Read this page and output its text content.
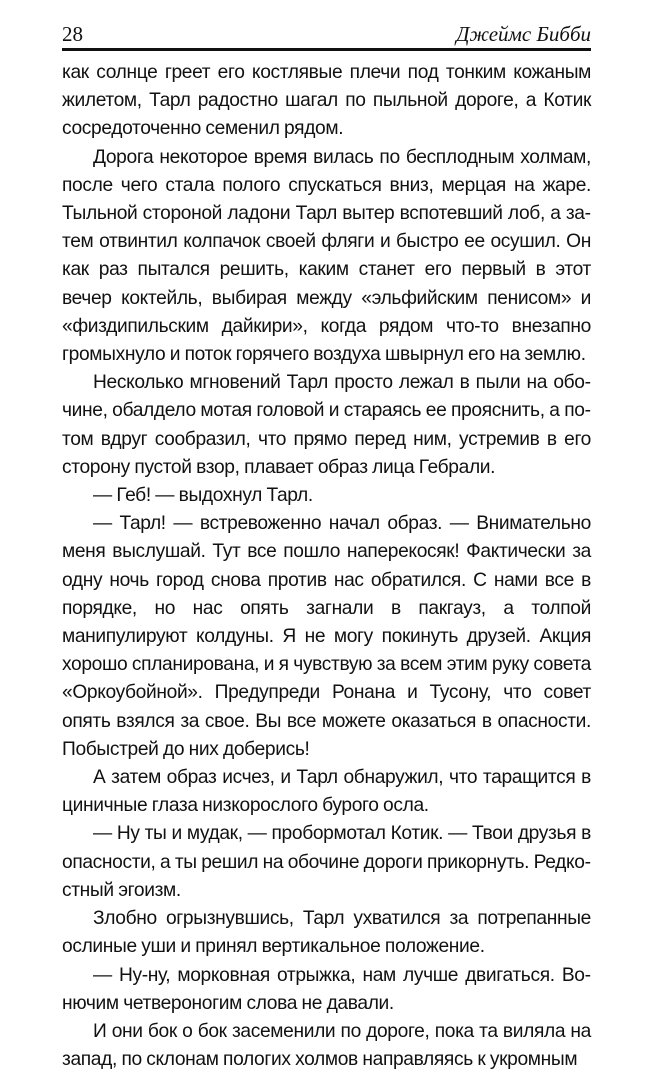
28	Джеймс Бибби

как солнце греет его костлявые плечи под тонким кожаным жилетом, Тарл радостно шагал по пыльной дороге, а Котик сосредоточенно семенил рядом.

Дорога некоторое время вилась по бесплодным холмам, после чего стала полого спускаться вниз, мерцая на жаре. Тыльной стороной ладони Тарл вытер вспотевший лоб, а затем отвинтил колпачок своей фляги и быстро ее осушил. Он как раз пытался решить, каким станет его первый в этот вечер коктейль, выбирая между «эльфийским пенисом» и «физдипильским дайкири», когда рядом что-то внезапно громыхнуло и поток горячего воздуха швырнул его на землю.

Несколько мгновений Тарл просто лежал в пыли на обочине, обалдело мотая головой и стараясь ее прояснить, а потом вдруг сообразил, что прямо перед ним, устремив в его сторону пустой взор, плавает образ лица Гебрали.

— Геб! — выдохнул Тарл.

— Тарл! — встревоженно начал образ. — Внимательно меня выслушай. Тут все пошло наперекосяк! Фактически за одну ночь город снова против нас обратился. С нами все в порядке, но нас опять загнали в пакгауз, а толпой манипулируют колдуны. Я не могу покинуть друзей. Акция хорошо спланирована, и я чувствую за всем этим руку совета «Оркоубойной». Предупреди Ронана и Тусону, что совет опять взялся за свое. Вы все можете оказаться в опасности. Побыстрей до них доберись!

А затем образ исчез, и Тарл обнаружил, что таращится в циничные глаза низкорослого бурого осла.

— Ну ты и мудак, — пробормотал Котик. — Твои друзья в опасности, а ты решил на обочине дороги прикорнуть. Редкостный эгоизм.

Злобно огрызнувшись, Тарл ухватился за потрепанные ослиные уши и принял вертикальное положение.

— Ну-ну, морковная отрыжка, нам лучше двигаться. Вонючим четвероногим слова не давали.

И они бок о бок засеменили по дороге, пока та виляла на запад, по склонам пологих холмов направляясь к укромным
